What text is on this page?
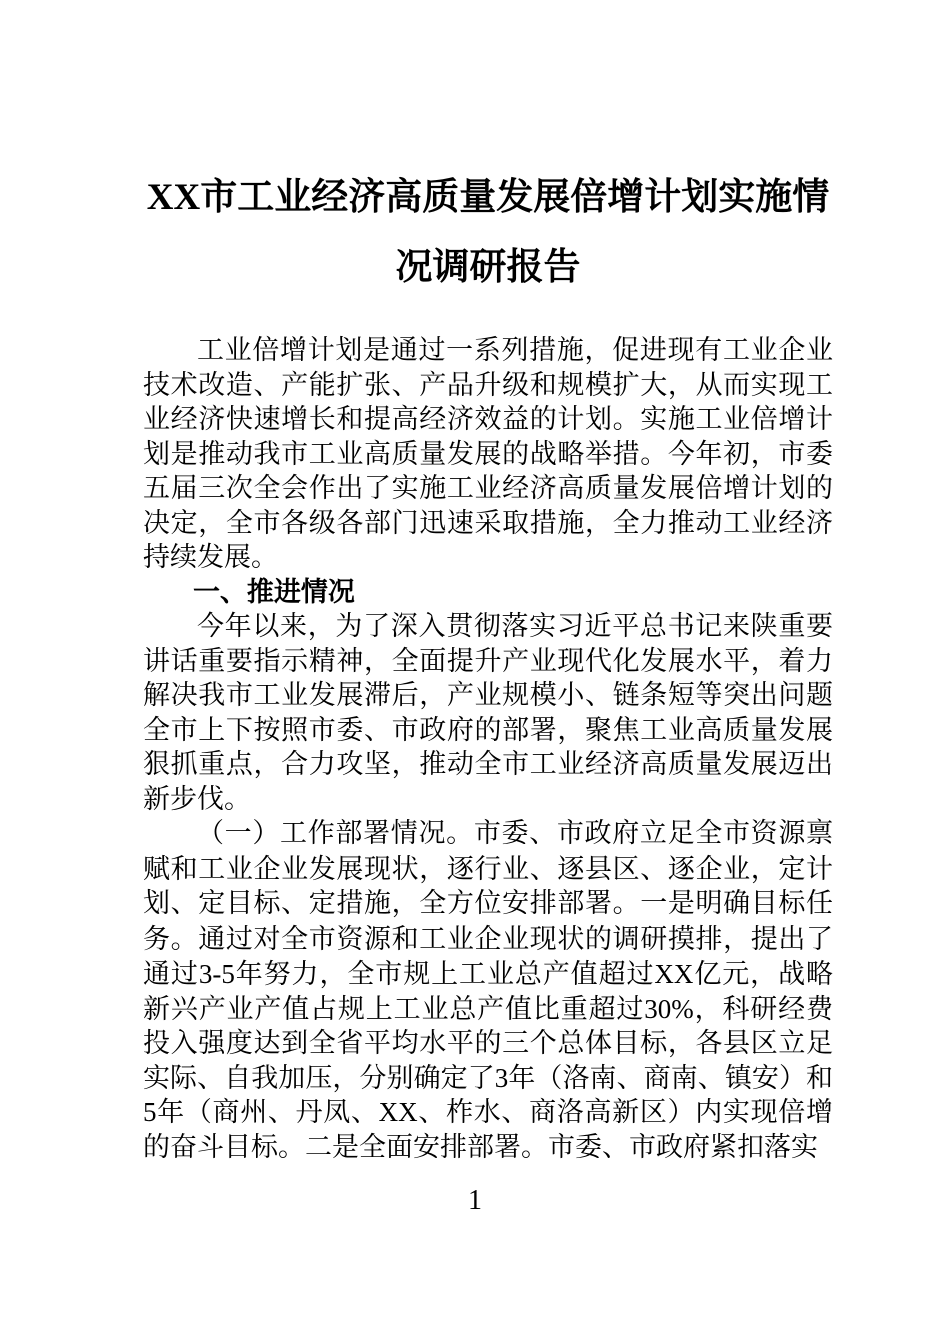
XX市工业经济高质量发展倍增计划实施情况调研报告

工业倍增计划是通过一系列措施，促进现有工业企业技术改造、产能扩张、产品升级和规模扩大，从而实现工业经济快速增长和提高经济效益的计划。实施工业倍增计划是推动我市工业高质量发展的战略举措。今年初，市委五届三次全会作出了实施工业经济高质量发展倍增计划的决定，全市各级各部门迅速采取措施，全力推动工业经济持续发展。

一、推进情况

今年以来，为了深入贯彻落实习近平总书记来陕重要讲话重要指示精神，全面提升产业现代化发展水平，着力解决我市工业发展滞后，产业规模小、链条短等突出问题全市上下按照市委、市政府的部署，聚焦工业高质量发展狠抓重点，合力攻坚，推动全市工业经济高质量发展迈出新步伐。

（一）工作部署情况。市委、市政府立足全市资源禀赋和工业企业发展现状，逐行业、逐县区、逐企业，定计划、定目标、定措施，全方位安排部署。一是明确目标任务。通过对全市资源和工业企业现状的调研摸排，提出了通过3-5年努力，全市规上工业总产值超过XX亿元，战略新兴产业产值占规上工业总产值比重超过30%，科研经费投入强度达到全省平均水平的三个总体目标，各县区立足实际、自我加压，分别确定了3年（洛南、商南、镇安）和5年（商州、丹凤、XX、柞水、商洛高新区）内实现倍增的奋斗目标。二是全面安排部署。市委、市政府紧扣落实

1
